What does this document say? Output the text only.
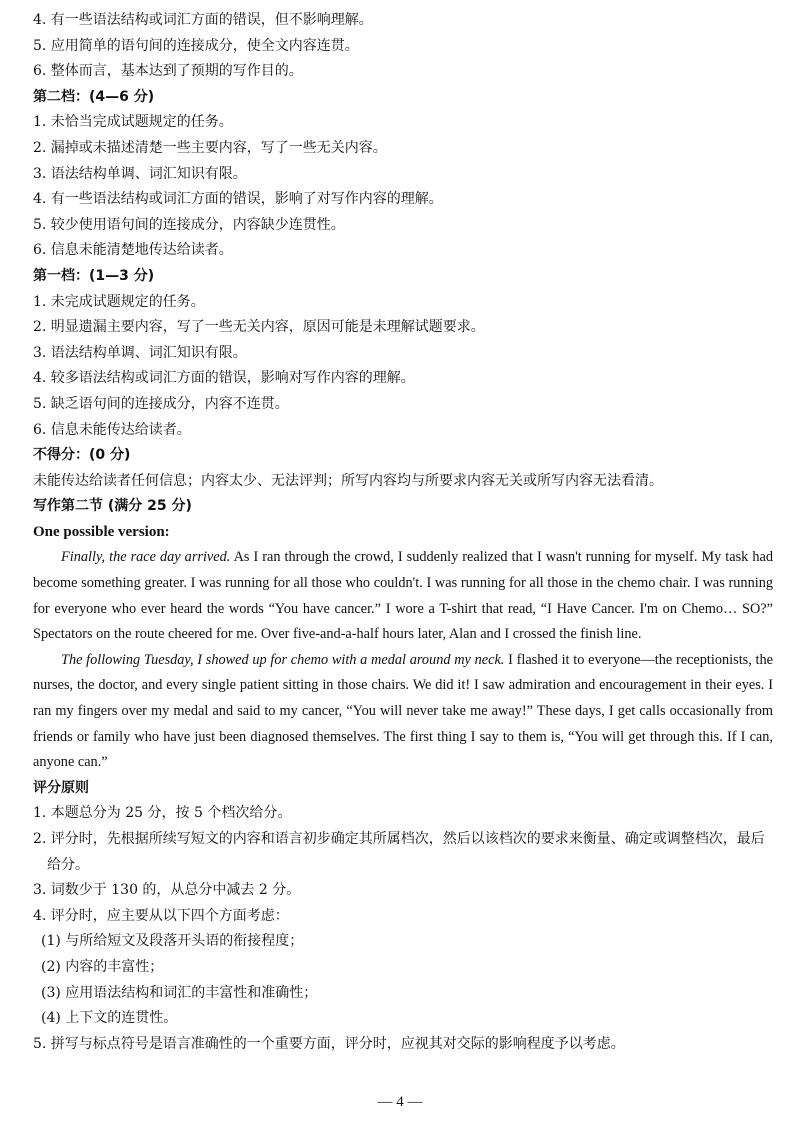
4. 有一些语法结构或词汇方面的错误，但不影响理解。
5. 应用简单的语句间的连接成分，使全文内容连贯。
6. 整体而言，基本达到了预期的写作目的。
第二档：(4—6 分)
1. 未恰当完成试题规定的任务。
2. 漏掉或未描述清楚一些主要内容，写了一些无关内容。
3. 语法结构单调、词汇知识有限。
4. 有一些语法结构或词汇方面的错误，影响了对写作内容的理解。
5. 较少使用语句间的连接成分，内容缺少连贯性。
6. 信息未能清楚地传达给读者。
第一档：(1—3 分)
1. 未完成试题规定的任务。
2. 明显遗漏主要内容，写了一些无关内容，原因可能是未理解试题要求。
3. 语法结构单调、词汇知识有限。
4. 较多语法结构或词汇方面的错误，影响对写作内容的理解。
5. 缺乏语句间的连接成分，内容不连贯。
6. 信息未能传达给读者。
不得分：(0 分)
未能传达给读者任何信息；内容太少、无法评判；所写内容均与所要求内容无关或所写内容无法看清。
写作第二节 (满分 25 分)
One possible version:

Finally, the race day arrived. As I ran through the crowd, I suddenly realized that I wasn't running for myself. My task had become something greater. I was running for all those who couldn't. I was running for all those in the chemo chair. I was running for everyone who ever heard the words “You have cancer.” I wore a T-shirt that read, “I Have Cancer. I'm on Chemo… SO?” Spectators on the route cheered for me. Over five-and-a-half hours later, Alan and I crossed the finish line.

The following Tuesday, I showed up for chemo with a medal around my neck. I flashed it to everyone—the receptionists, the nurses, the doctor, and every single patient sitting in those chairs. We did it! I saw admiration and encouragement in their eyes. I ran my fingers over my medal and said to my cancer, “You will never take me away!” These days, I get calls occasionally from friends or family who have just been diagnosed themselves. The first thing I say to them is, “You will get through this. If I can, anyone can.”

评分原则
1. 本题总分为 25 分，按 5 个档次给分。
2. 评分时，先根据所续写短文的内容和语言初步确定其所属档次，然后以该档次的要求来衡量、确定或调整档次，最后给分。
3. 词数少于 130 的，从总分中减去 2 分。
4. 评分时，应主要从以下四个方面考虑：
(1) 与所给短文及段落开头语的衔接程度；
(2) 内容的丰富性；
(3) 应用语法结构和词汇的丰富性和准确性；
(4) 上下文的连贯性。
5. 拼写与标点符号是语言准确性的一个重要方面，评分时，应视其对交际的影响程度予以考虑。
— 4 —
